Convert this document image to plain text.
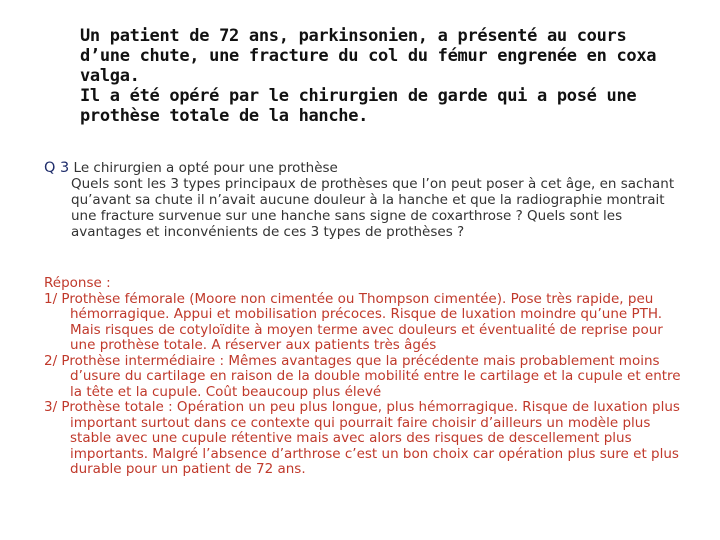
Un patient de 72 ans, parkinsonien, a présenté au cours d’une chute, une fracture du col du fémur engrenée en coxa valga.

Il a été opéré par le chirurgien de garde qui a posé une prothèse totale de la hanche.

Q 3 Le chirurgien a opté pour une prothèse

Quels sont les 3 types principaux de prothèses que l’on peut poser à cet âge, en sachant qu’avant sa chute il n’avait aucune douleur à la hanche et que la radiographie montrait une fracture survenue sur une hanche sans signe de coxarthrose ? Quels sont les avantages et inconvénients de ces 3 types de prothèses ?

Réponse :

1/ Prothèse fémorale (Moore non cimentée ou Thompson cimentée). Pose très rapide, peu hémorragique. Appui et mobilisation précoces. Risque de luxation moindre qu’une PTH. Mais risques de cotyloïdite à moyen terme avec douleurs et éventualité de reprise pour une prothèse totale. A réserver aux patients très âgés

2/ Prothèse intermédiaire : Mêmes avantages que la précédente mais probablement moins d’usure du cartilage en raison de la double mobilité entre le cartilage et la cupule et entre la tête et la cupule. Coût beaucoup plus élevé

3/ Prothèse totale : Opération un peu plus longue, plus hémorragique. Risque de luxation plus important surtout dans ce contexte qui pourrait faire choisir d’ailleurs un modèle plus stable avec une cupule rétentive mais avec alors des risques de descellement plus importants. Malgré l’absence d’arthrose c’est un bon choix car opération plus sure et plus durable pour un patient de 72 ans.
